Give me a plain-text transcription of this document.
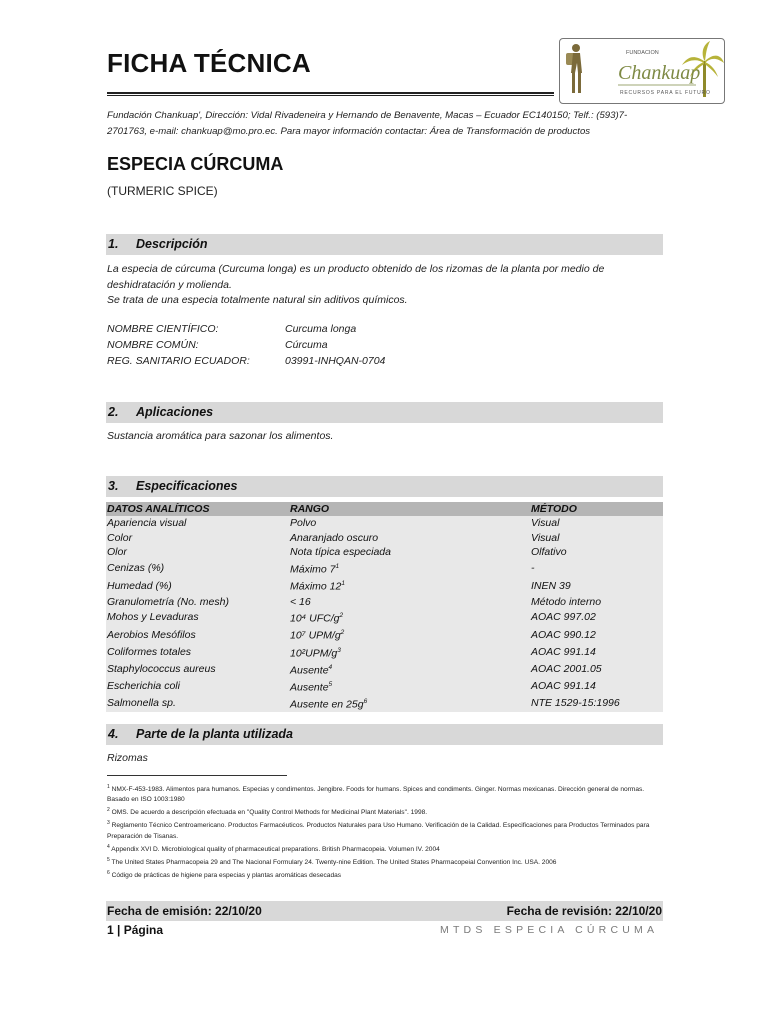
FICHA TÉCNICA	FUNDACION
Chankuap
RECURSOS PARA EL FUTURO
Fundación Chankuap', Dirección: Vidal Rivadeneira y Hernando de Benavente, Macas – Ecuador EC140150; Telf.: (593)7-2701763, e-mail: chankuap@mo.pro.ec. Para mayor información contactar: Área de Transformación de productos
ESPECIA CÚRCUMA
(TURMERIC SPICE)
1. Descripción
La especia de cúrcuma (Curcuma longa) es un producto obtenido de los rizomas de la planta por medio de deshidratación y molienda.
Se trata de una especia totalmente natural sin aditivos químicos.
NOMBRE CIENTÍFICO:	Curcuma longa
NOMBRE COMÚN:	Cúrcuma
REG. SANITARIO ECUADOR:	03991-INHQAN-0704
2. Aplicaciones
Sustancia aromática para sazonar los alimentos.
3. Especificaciones
DATOS ANALÍTICOS	RANGO	MÉTODO
Apariencia visual	Polvo	Visual
Color	Anaranjado oscuro	Visual
Olor	Nota típica especiada	Olfativo
Cenizas (%)	Máximo $7^1$	-
Humedad (%)	Máximo $12^1$	INEN 39
Granulometría (No. mesh)	< 16	Método interno
Mohos y Levaduras	10⁴ UFC/$g^2$	AOAC 997.02
Aerobios Mesófilos	10⁷ UPM/$g^2$	AOAC 990.12
Coliformes totales	$10^2UPM/g^3$	AOAC 991.14
Staphylococcus aureus	Ausente$^4$	AOAC 2001.05
Escherichia coli	Ausente$^5$	AOAC 991.14
Salmonella sp.	Ausente en $25g^6$	NTE 1529-15:1996
4. Parte de la planta utilizada
Rizomas
$^1$ NMX-F-453-1983. Alimentos para humanos. Especias y condimentos. Jengibre. Foods for humans. Spices and condiments. Ginger. Normas mexicanas. Dirección general de normas. Basado en ISO 1003:1980
$^2$ OMS. De acuerdo a descripción efectuada en "Quality Control Methods for Medicinal Plant Materials". 1998.
$^3$ Reglamento Técnico Centroamericano. Productos Farmacéuticos. Productos Naturales para Uso Humano. Verificación de la Calidad. Especificaciones para Productos Terminados para Preparación de Tisanas.
$^4$ Appendix XVI D. Microbiological quality of pharmaceutical preparations. British Pharmacopeia. Volumen IV. 2004
$^5$ The United States Pharmacopeia 29 and The Nacional Formulary 24. Twenty-nine Edition. The United States Pharmacopeial Convention Inc. USA. 2006
$^6$ Código de prácticas de higiene para especias y plantas aromáticas desecadas
Fecha de emisión: 22/10/20	Fecha de revisión: 22/10/20
1 | Página	MTDS ESPECIA CÚRCUMA
